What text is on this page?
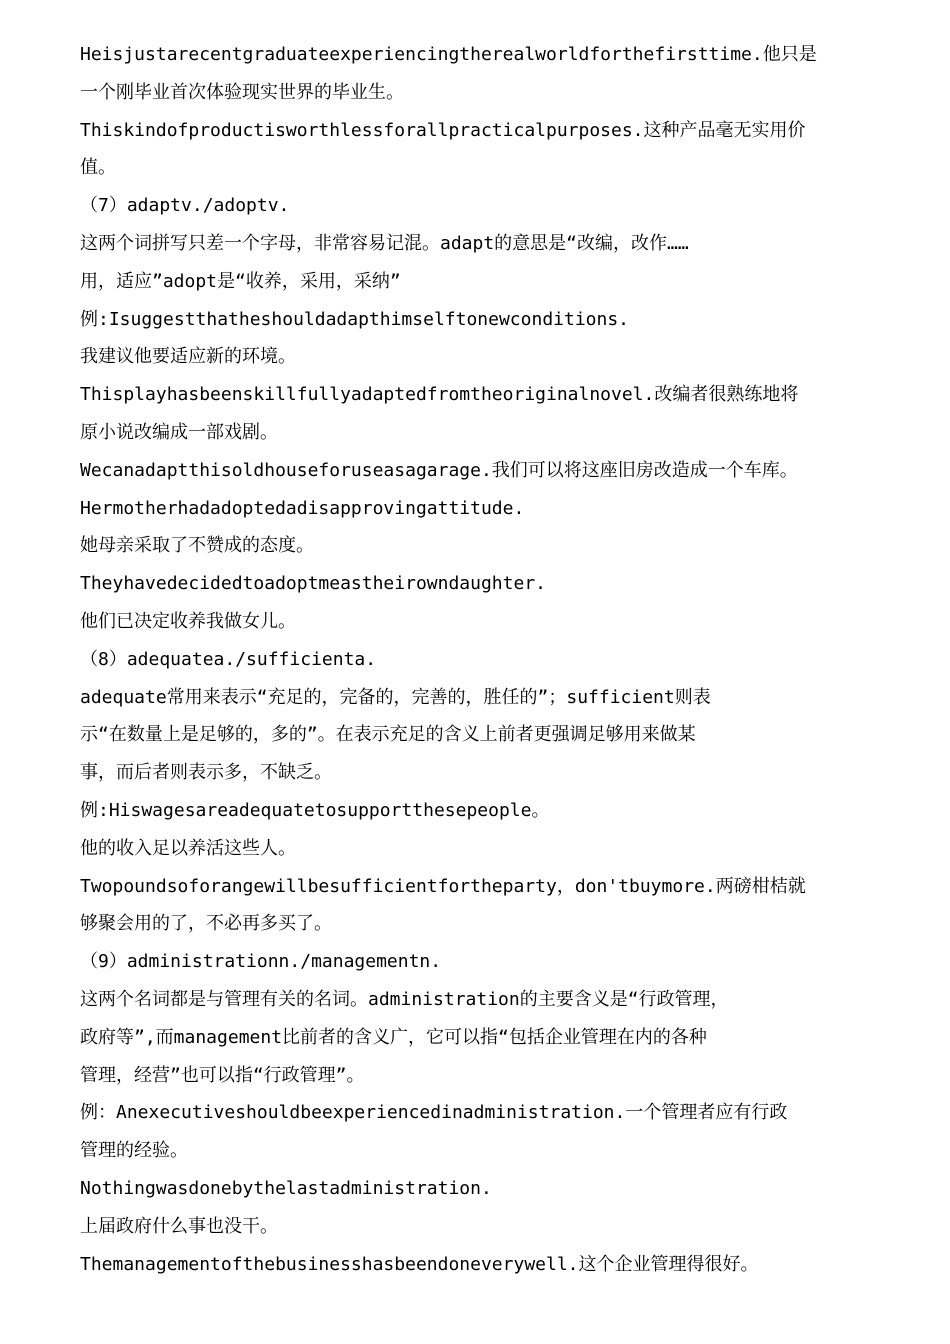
Heisjustarecentgraduateexperiencingtherealworldforthefirsttime.他只是
一个刚毕业首次体验现实世界的毕业生。
Thiskindofproductisworthlessforallpracticalpurposes.这种产品毫无实用价
值。
（7）adaptv./adoptv.
这两个词拼写只差一个字母，非常容易记混。adapt的意思是“改编，改作……
用，适应”adopt是“收养，采用，采纳”
例:Isuggestthatheshouldadapthimselftonewconditions.
我建议他要适应新的环境。
Thisplayhasbeenskillfullyadaptedfromtheoriginalnovel.改编者很熟练地将
原小说改编成一部戏剧。
Wecanadaptthisoldhouseforuseasagarage.我们可以将这座旧房改造成一个车库。
Hermotherhadadoptedadisapprovingattitude.
她母亲采取了不赞成的态度。
Theyhavedecidedtoadoptmeastheirowndaughter.
他们已决定收养我做女儿。
（8）adequatea./sufficienta.
adequate常用来表示“充足的，完备的，完善的，胜任的”；sufficient则表
示“在数量上是足够的，多的”。在表示充足的含义上前者更强调足够用来做某
事，而后者则表示多，不缺乏。
例:Hiswagesareadequatetosupportthesepeople。
他的收入足以养活这些人。
Twopoundsoforangewillbesufficientfortheparty，don'tbuymore.两磅柑桔就
够聚会用的了，不必再多买了。
（9）administrationn./managementn.
这两个名词都是与管理有关的名词。administration的主要含义是“行政管理，
政府等”,而management比前者的含义广，它可以指“包括企业管理在内的各种
管理，经营”也可以指“行政管理”。
例：Anexecutiveshouldbeexperiencedinadministration.一个管理者应有行政
管理的经验。
Nothingwasdonebythelastadministration.
上届政府什么事也没干。
Themanagementofthebusinesshasbeendoneverywell.这个企业管理得很好。
